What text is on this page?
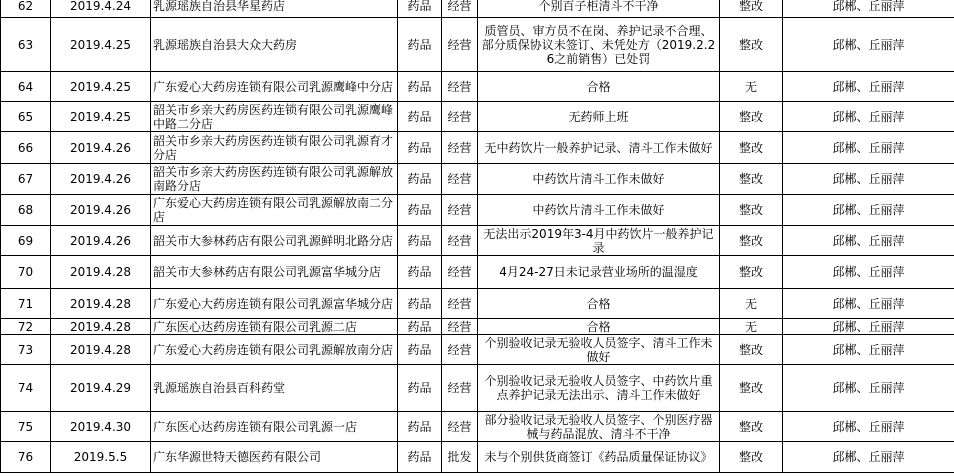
62	2019.4.24	乳源瑶族自治县华星药店	药品	经营	个别百子柜清斗不干净	整改	邱郴、丘丽萍
63	2019.4.25	乳源瑶族自治县大众大药房	药品	经营	质管员、审方员不在岗、养护记录不合理、部分质保协议未签订、未凭处方（2019.2.26之前销售）已处罚	整改	邱郴、丘丽萍
64	2019.4.25	广东爱心大药房连锁有限公司乳源鹰峰中分店	药品	经营	合格	无	邱郴、丘丽萍
65	2019.4.25	韶关市乡亲大药房医药连锁有限公司乳源鹰峰中路二分店	药品	经营	无药师上班	整改	邱郴、丘丽萍
66	2019.4.26	韶关市乡亲大药房医药连锁有限公司乳源育才分店	药品	经营	无中药饮片一般养护记录、清斗工作未做好	整改	邱郴、丘丽萍
67	2019.4.26	韶关市乡亲大药房医药连锁有限公司乳源解放南路分店	药品	经营	中药饮片清斗工作未做好	整改	邱郴、丘丽萍
68	2019.4.26	广东爱心大药房连锁有限公司乳源解放南二分店	药品	经营	中药饮片清斗工作未做好	整改	邱郴、丘丽萍
69	2019.4.26	韶关市大参林药店有限公司乳源鲜明北路分店	药品	经营	无法出示2019年3-4月中药饮片一般养护记录	整改	邱郴、丘丽萍
70	2019.4.28	韶关市大参林药店有限公司乳源富华城分店	药品	经营	4月24-27日未记录营业场所的温湿度	整改	邱郴、丘丽萍
71	2019.4.28	广东爱心大药房连锁有限公司乳源富华城分店	药品	经营	合格	无	邱郴、丘丽萍
72	2019.4.28	广东医心达药房连锁有限公司乳源二店	药品	经营	合格	无	邱郴、丘丽萍
73	2019.4.28	广东爱心大药房连锁有限公司乳源解放南分店	药品	经营	个别验收记录无验收人员签字、清斗工作未做好	整改	邱郴、丘丽萍
74	2019.4.29	乳源瑶族自治县百科药堂	药品	经营	个别验收记录无验收人员签字、中药饮片重点养护记录无法出示、清斗工作未做好	整改	邱郴、丘丽萍
75	2019.4.30	广东医心达药房连锁有限公司乳源一店	药品	经营	部分验收记录无验收人员签字、个别医疗器械与药品混放、清斗不干净	整改	邱郴、丘丽萍
76	2019.5.5	广东华源世特天德医药有限公司	药品	批发	未与个别供货商签订《药品质量保证协议》	整改	邱郴、丘丽萍
